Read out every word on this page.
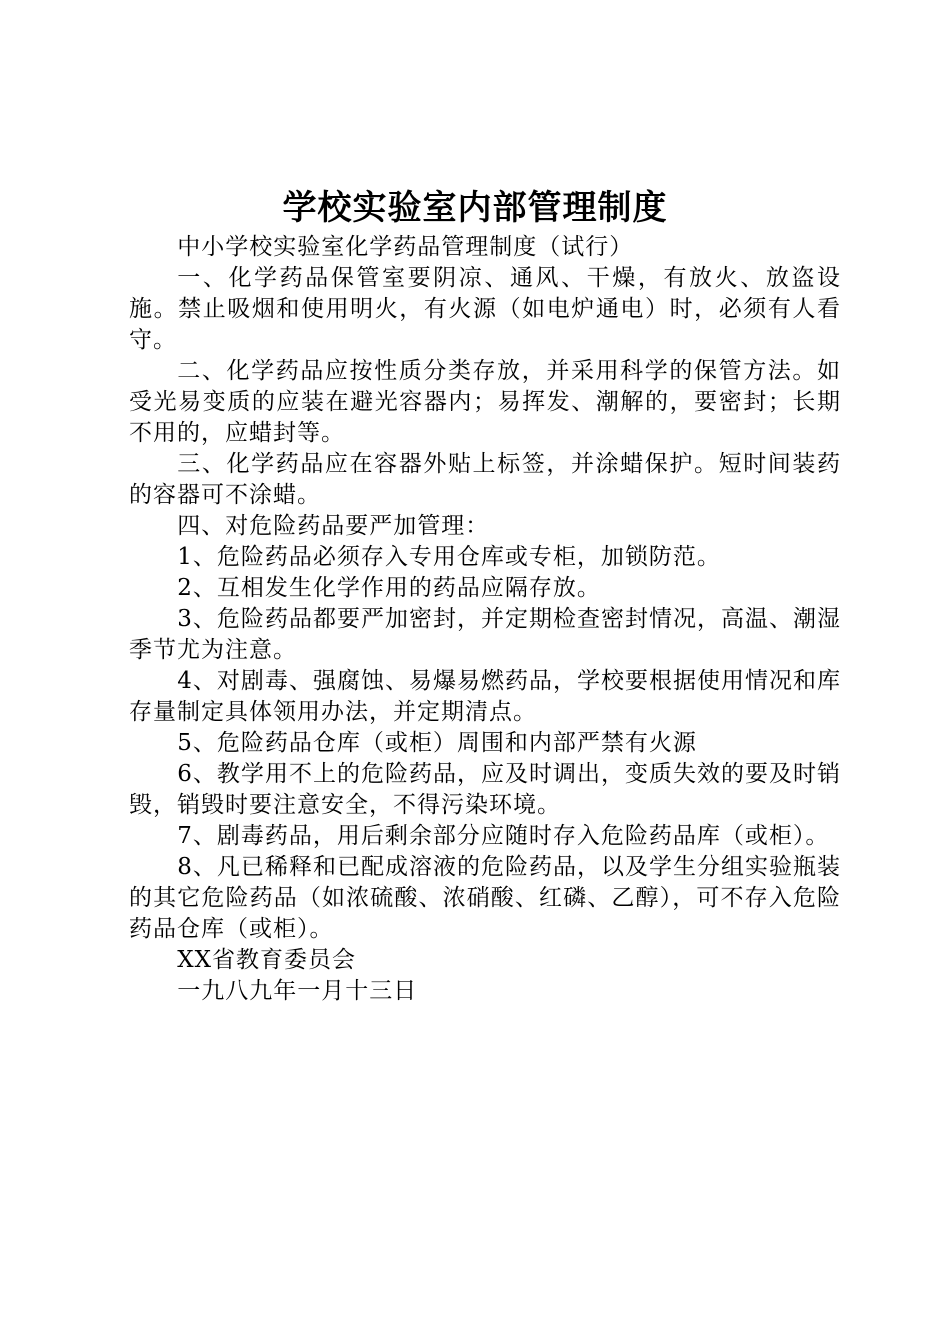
学校实验室内部管理制度

中小学校实验室化学药品管理制度（试行）

一、化学药品保管室要阴凉、通风、干燥，有放火、放盗设施。禁止吸烟和使用明火，有火源（如电炉通电）时，必须有人看守。

二、化学药品应按性质分类存放，并采用科学的保管方法。如受光易变质的应装在避光容器内；易挥发、潮解的，要密封；长期不用的，应蜡封等。

三、化学药品应在容器外贴上标签，并涂蜡保护。短时间装药的容器可不涂蜡。

四、对危险药品要严加管理：

1、危险药品必须存入专用仓库或专柜，加锁防范。

2、互相发生化学作用的药品应隔存放。

3、危险药品都要严加密封，并定期检查密封情况，高温、潮湿季节尤为注意。

4、对剧毒、强腐蚀、易爆易燃药品，学校要根据使用情况和库存量制定具体领用办法，并定期清点。

5、危险药品仓库（或柜）周围和内部严禁有火源

6、教学用不上的危险药品，应及时调出，变质失效的要及时销毁，销毁时要注意安全，不得污染环境。

7、剧毒药品，用后剩余部分应随时存入危险药品库（或柜）。

8、凡已稀释和已配成溶液的危险药品，以及学生分组实验瓶装的其它危险药品（如浓硫酸、浓硝酸、红磷、乙醇），可不存入危险药品仓库（或柜）。

XX省教育委员会

一九八九年一月十三日
